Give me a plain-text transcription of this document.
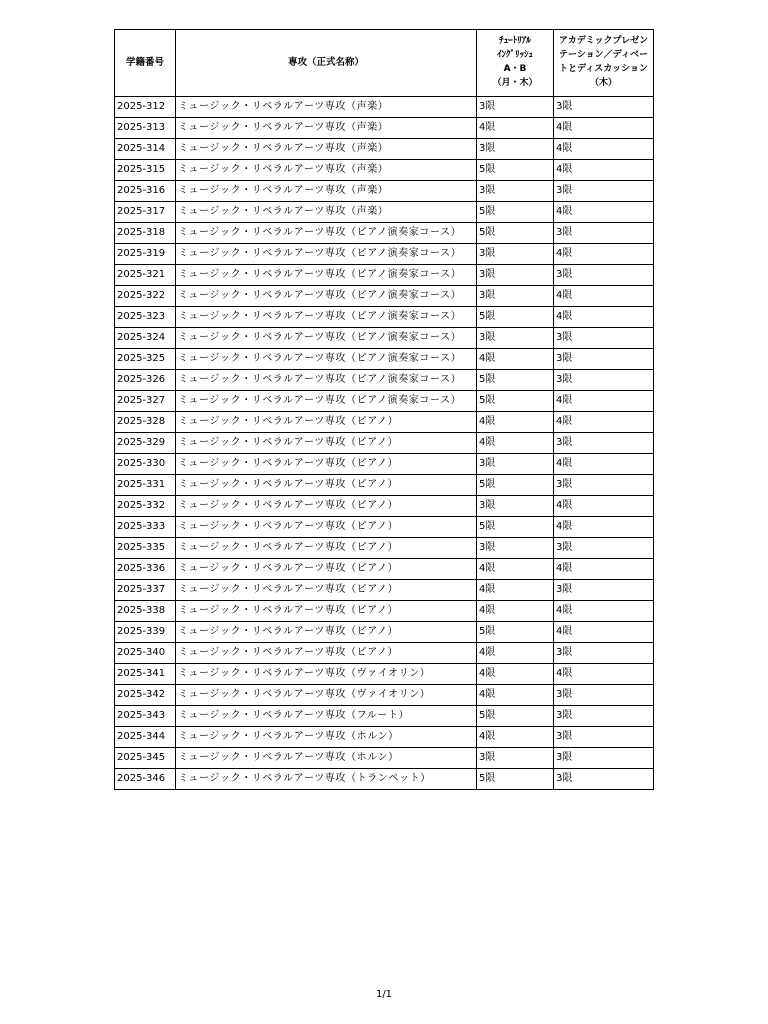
学籍番号	専攻（正式名称）	ﾁｭｰﾄﾘｱﾙ
ｲﾝｸﾞﾘｯｼｭ
A・B
（月・木）	アカデミックプレゼン
テーション／ディベー
トとディスカッション
（木）

2025-312	ミュージック・リベラルアーツ専攻（声楽）	3限	3限
2025-313	ミュージック・リベラルアーツ専攻（声楽）	4限	4限
2025-314	ミュージック・リベラルアーツ専攻（声楽）	3限	4限
2025-315	ミュージック・リベラルアーツ専攻（声楽）	5限	4限
2025-316	ミュージック・リベラルアーツ専攻（声楽）	3限	3限
2025-317	ミュージック・リベラルアーツ専攻（声楽）	5限	4限
2025-318	ミュージック・リベラルアーツ専攻（ピアノ演奏家コース）	5限	3限
2025-319	ミュージック・リベラルアーツ専攻（ピアノ演奏家コース）	3限	4限
2025-321	ミュージック・リベラルアーツ専攻（ピアノ演奏家コース）	3限	3限
2025-322	ミュージック・リベラルアーツ専攻（ピアノ演奏家コース）	3限	4限
2025-323	ミュージック・リベラルアーツ専攻（ピアノ演奏家コース）	5限	4限
2025-324	ミュージック・リベラルアーツ専攻（ピアノ演奏家コース）	3限	3限
2025-325	ミュージック・リベラルアーツ専攻（ピアノ演奏家コース）	4限	3限
2025-326	ミュージック・リベラルアーツ専攻（ピアノ演奏家コース）	5限	3限
2025-327	ミュージック・リベラルアーツ専攻（ピアノ演奏家コース）	5限	4限
2025-328	ミュージック・リベラルアーツ専攻（ピアノ）	4限	4限
2025-329	ミュージック・リベラルアーツ専攻（ピアノ）	4限	3限
2025-330	ミュージック・リベラルアーツ専攻（ピアノ）	3限	4限
2025-331	ミュージック・リベラルアーツ専攻（ピアノ）	5限	3限
2025-332	ミュージック・リベラルアーツ専攻（ピアノ）	3限	4限
2025-333	ミュージック・リベラルアーツ専攻（ピアノ）	5限	4限
2025-335	ミュージック・リベラルアーツ専攻（ピアノ）	3限	3限
2025-336	ミュージック・リベラルアーツ専攻（ピアノ）	4限	4限
2025-337	ミュージック・リベラルアーツ専攻（ピアノ）	4限	3限
2025-338	ミュージック・リベラルアーツ専攻（ピアノ）	4限	4限
2025-339	ミュージック・リベラルアーツ専攻（ピアノ）	5限	4限
2025-340	ミュージック・リベラルアーツ専攻（ピアノ）	4限	3限
2025-341	ミュージック・リベラルアーツ専攻（ヴァイオリン）	4限	4限
2025-342	ミュージック・リベラルアーツ専攻（ヴァイオリン）	4限	3限
2025-343	ミュージック・リベラルアーツ専攻（フルート）	5限	3限
2025-344	ミュージック・リベラルアーツ専攻（ホルン）	4限	3限
2025-345	ミュージック・リベラルアーツ専攻（ホルン）	3限	3限
2025-346	ミュージック・リベラルアーツ専攻（トランペット）	5限	3限
1/1
